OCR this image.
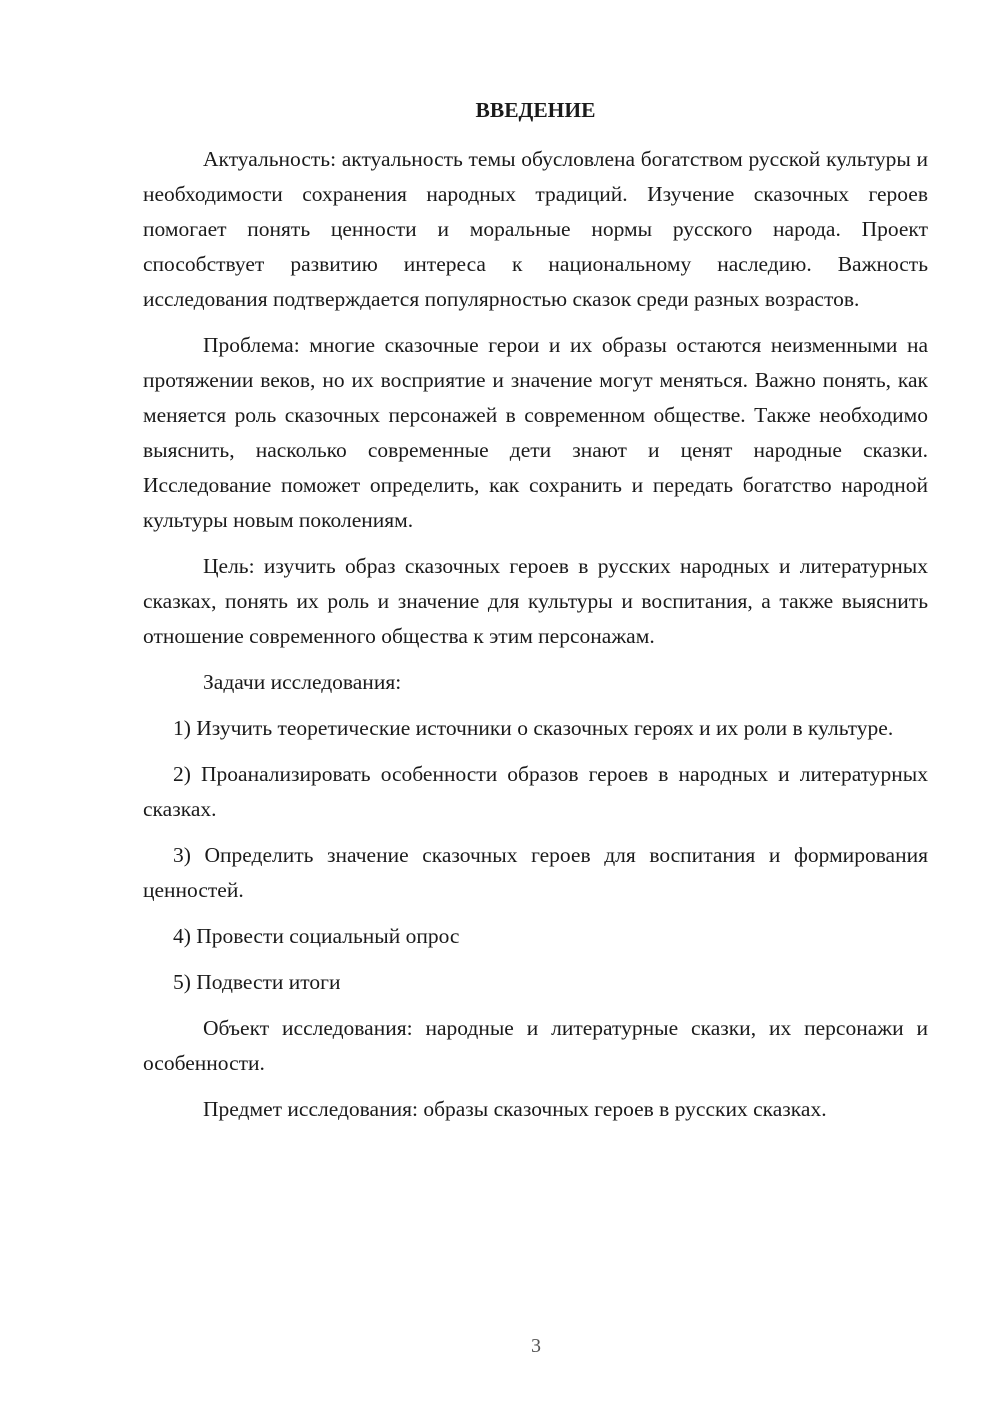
ВВЕДЕНИЕ

Актуальность: актуальность темы обусловлена богатством русской культуры и необходимости сохранения народных традиций. Изучение сказочных героев помогает понять ценности и моральные нормы русского народа. Проект способствует развитию интереса к национальному наследию. Важность исследования подтверждается популярностью сказок среди разных возрастов.

Проблема: многие сказочные герои и их образы остаются неизменными на протяжении веков, но их восприятие и значение могут меняться. Важно понять, как меняется роль сказочных персонажей в современном обществе. Также необходимо выяснить, насколько современные дети знают и ценят народные сказки. Исследование поможет определить, как сохранить и передать богатство народной культуры новым поколениям.

Цель: изучить образ сказочных героев в русских народных и литературных сказках, понять их роль и значение для культуры и воспитания, а также выяснить отношение современного общества к этим персонажам.

Задачи исследования:

1) Изучить теоретические источники о сказочных героях и их роли в культуре.

2) Проанализировать особенности образов героев в народных и литературных сказках.

3) Определить значение сказочных героев для воспитания и формирования ценностей.

4) Провести социальный опрос

5) Подвести итоги

Объект исследования: народные и литературные сказки, их персонажи и особенности.

Предмет исследования: образы сказочных героев в русских сказках.

3
